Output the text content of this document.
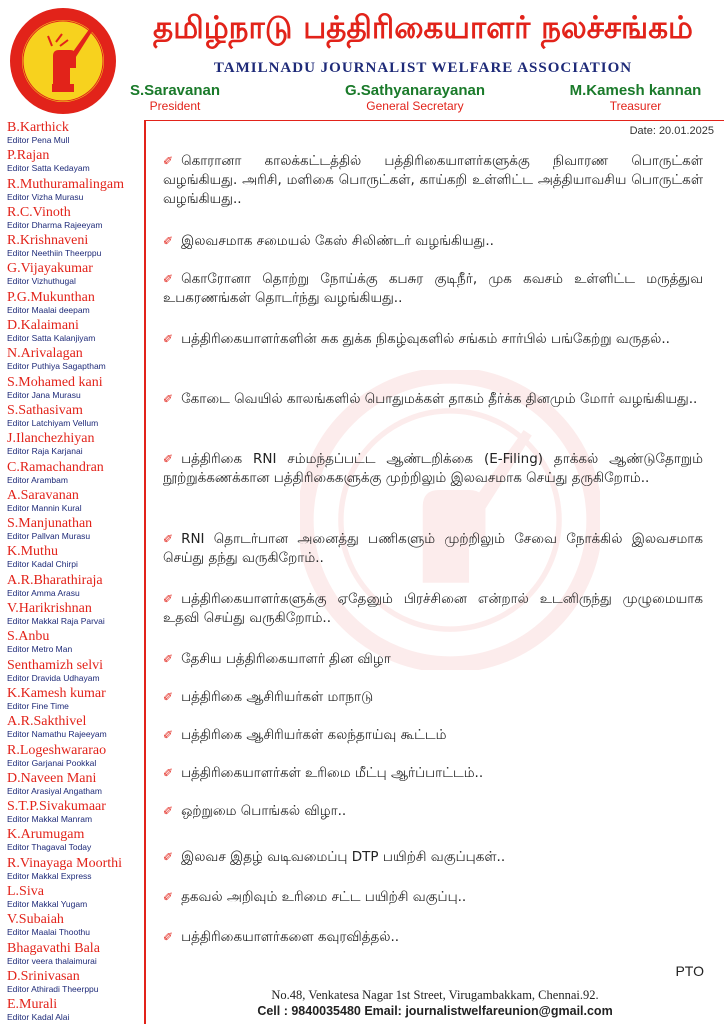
தமிழ்நாடு பத்திரிகையாளர் நலச்சங்கம்
TAMILNADU JOURNALIST WELFARE ASSOCIATION
S.Saravanan
President
G.Sathyanarayanan
General Secretary
M.Kamesh kannan
Treasurer
B.Karthick
Editor Pena Mull
P.Rajan
Editor Satta Kedayam
R.Muthuramalingam
Editor Vizha Murasu
R.C.Vinoth
Editor Dharma Rajeeyam
R.Krishnaveni
Editor Neethiin Theerppu
G.Vijayakumar
Editor Vizhuthugal
P.G.Mukunthan
Editor Maalai deepam
D.Kalaimani
Editor Satta Kalanjiyam
N.Arivalagan
Editor Puthiya Sagaptham
S.Mohamed kani
Editor Jana Murasu
S.Sathasivam
Editor Latchiyam Vellum
J.Ilanchezhiyan
Editor Raja Karjanai
C.Ramachandran
Editor Arambam
A.Saravanan
Editor Mannin Kural
S.Manjunathan
Editor Pallvan Murasu
K.Muthu
Editor Kadal Chirpi
A.R.Bharathiraja
Editor Amma Arasu
V.Harikrishnan
Editor Makkal Raja Parvai
S.Anbu
Editor Metro Man
Senthamizh selvi
Editor Dravida Udhayam
K.Kamesh kumar
Editor Fine Time
A.R.Sakthivel
Editor Namathu Rajeeyam
R.Logeshwararao
Editor Garjanai Pookkal
D.Naveen Mani
Editor Arasiyal Angatham
S.T.P.Sivakumaar
Editor Makkal Manram
K.Arumugam
Editor Thagaval Today
R.Vinayaga Moorthi
Editor Makkal Express
L.Siva
Editor Makkal Yugam
V.Subaiah
Editor Maalai Thoothu
Bhagavathi Bala
Editor veera thalaimurai
D.Srinivasan
Editor Athiradi Theerppu
E.Murali
Editor Kadal Alai
Date: 20.01.2025
✐ கொரானா காலக்கட்டத்தில் பத்திரிகையாளர்களுக்கு நிவாரண பொருட்கள் வழங்கியது. அரிசி, மளிகை பொருட்கள், காய்கறி உள்ளிட்ட அத்தியாவசிய பொருட்கள் வழங்கியது..
✐ இலவசமாக சமையல் கேஸ் சிலிண்டர் வழங்கியது..
✐ கொரோனா தொற்று நோய்க்கு கபசுர குடிநீர், முக கவசம் உள்ளிட்ட மருத்துவ உபகரணங்கள் தொடர்ந்து வழங்கியது..
✐ பத்திரிகையாளர்களின் சுக துக்க நிகழ்வுகளில் சங்கம் சார்பில் பங்கேற்று வருதல்..
✐ கோடை வெயில் காலங்களில் பொதுமக்கள் தாகம் தீர்க்க தினமும் மோர் வழங்கியது..
✐ பத்திரிகை RNI சம்மந்தப்பட்ட ஆண்டறிக்கை (E-Filing) தாக்கல் ஆண்டுதோறும் நூற்றுக்கணக்கான பத்திரிகைகளுக்கு முற்றிலும் இலவசமாக செய்து தருகிறோம்..
✐ RNI தொடர்பான அனைத்து பணிகளும் முற்றிலும் சேவை நோக்கில் இலவசமாக செய்து தந்து வருகிறோம்..
✐ பத்திரிகையாளர்களுக்கு ஏதேனும் பிரச்சினை என்றால் உடனிருந்து முழுமையாக உதவி செய்து வருகிறோம்..
✐ தேசிய பத்திரிகையாளர் தின விழா
✐ பத்திரிகை ஆசிரியர்கள் மாநாடு
✐ பத்திரிகை ஆசிரியர்கள் கலந்தாய்வு கூட்டம்
✐ பத்திரிகையாளர்கள் உரிமை மீட்பு ஆர்ப்பாட்டம்..
✐ ஒற்றுமை பொங்கல் விழா..
✐ இலவச இதழ் வடிவமைப்பு DTP பயிற்சி வகுப்புகள்..
✐ தகவல் அறிவும் உரிமை சட்ட பயிற்சி வகுப்பு..
✐ பத்திரிகையாளர்களை கவுரவித்தல்..
PTO
No.48, Venkatesa Nagar 1st Street, Virugambakkam, Chennai.92.
Cell : 9840035480 Email: journalistwelfareunion@gmail.com
